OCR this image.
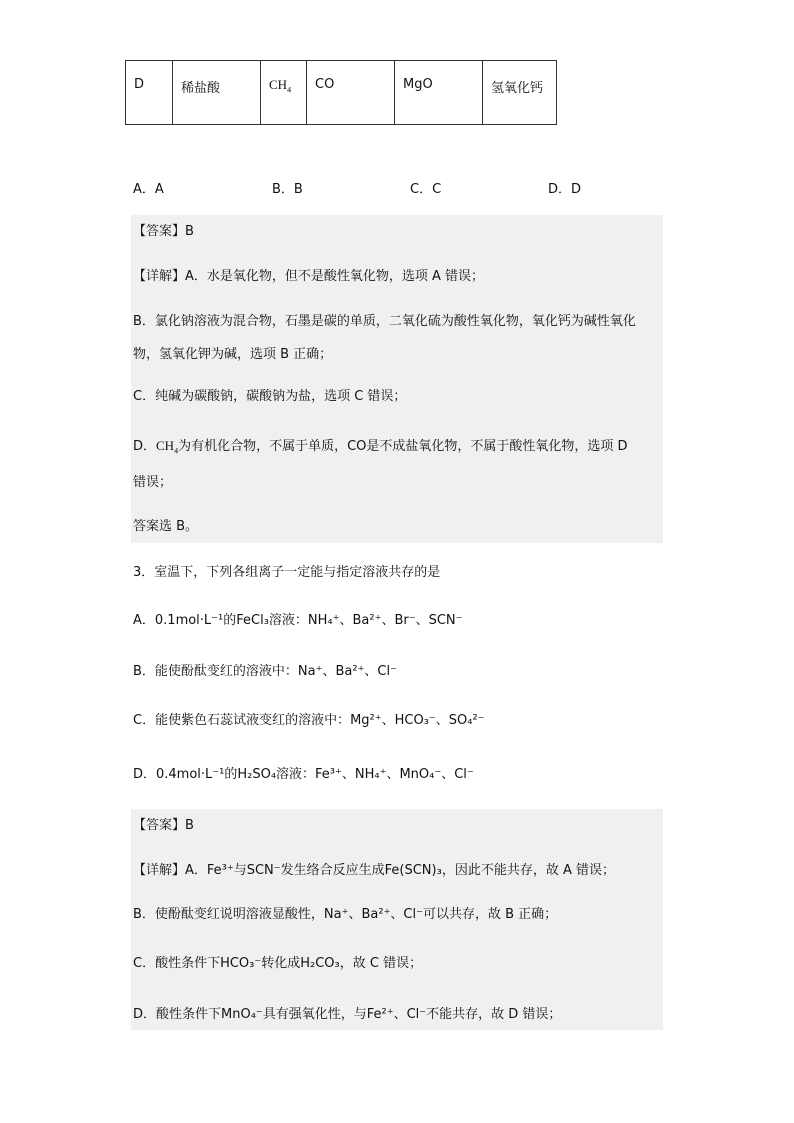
D	稀盐酸	$CH_4$	CO	MgO	氢氧化钙
A．A	B．B	C．C	D．D
【答案】B
【详解】A．水是氧化物，但不是酸性氧化物，选项 A 错误；
B．氯化钠溶液为混合物，石墨是碳的单质，二氧化硫为酸性氧化物，氧化钙为碱性氧化物，氢氧化钾为碱，选项 B 正确；
C．纯碱为碳酸钠，碳酸钠为盐，选项 C 错误；
D．$CH_4$为有机化合物，不属于单质，CO是不成盐氧化物，不属于酸性氧化物，选项 D
错误；
答案选 B。
3．室温下，下列各组离子一定能与指定溶液共存的是
A．0.1mol·L⁻¹的FeCl₃溶液：NH₄⁺、Ba²⁺、Br⁻、SCN⁻
B．能使酚酞变红的溶液中：Na⁺、Ba²⁺、Cl⁻
C．能使紫色石蕊试液变红的溶液中：Mg²⁺、HCO₃⁻、SO₄²⁻
D．0.4mol·L⁻¹的H₂SO₄溶液：Fe³⁺、NH₄⁺、MnO₄⁻、Cl⁻
【答案】B
【详解】A．Fe³⁺与SCN⁻发生络合反应生成Fe(SCN)₃，因此不能共存，故 A 错误；
B．使酚酞变红说明溶液显酸性，Na⁺、Ba²⁺、Cl⁻可以共存，故 B 正确；
C．酸性条件下HCO₃⁻转化成H₂CO₃，故 C 错误；
D．酸性条件下MnO₄⁻具有强氧化性，与Fe²⁺、Cl⁻不能共存，故 D 错误；
